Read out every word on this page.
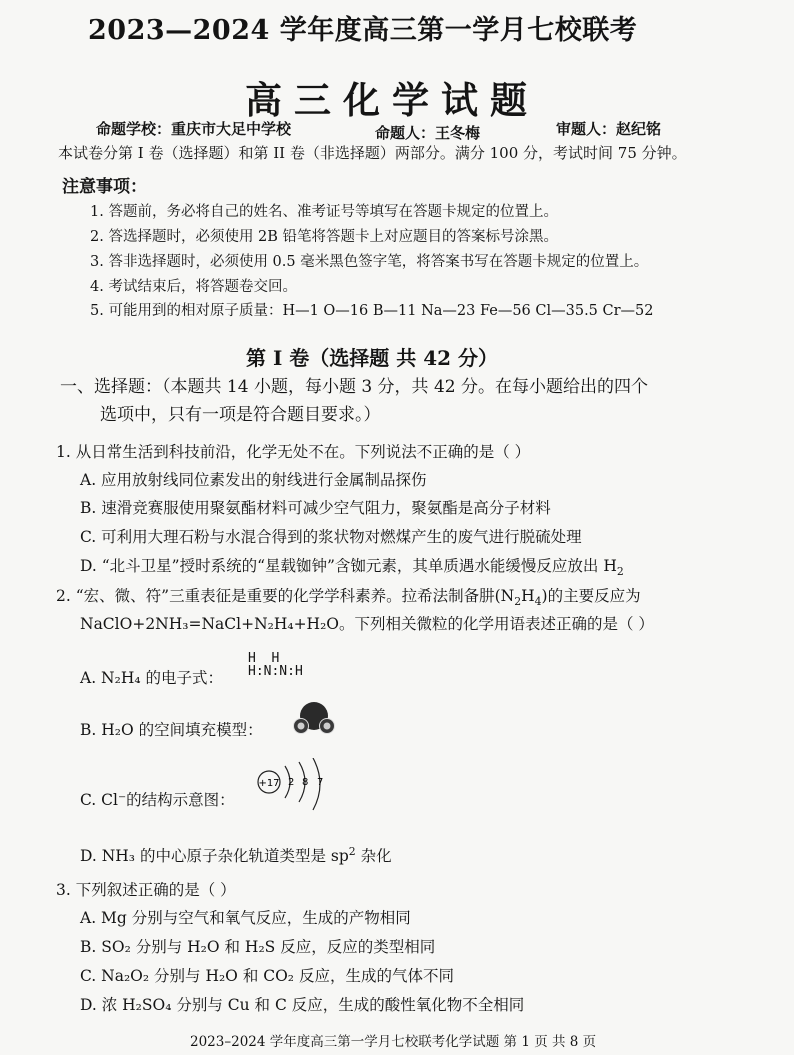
2023—2024 学年度高三第一学月七校联考
高三化学试题
命题学校：重庆市大足中学校	命题人：王冬梅	审题人：赵纪铭
本试卷分第 I 卷（选择题）和第 II 卷（非选择题）两部分。满分 100 分，考试时间 75 分钟。
注意事项：
1. 答题前，务必将自己的姓名、准考证号等填写在答题卡规定的位置上。
2. 答选择题时，必须使用 2B 铅笔将答题卡上对应题目的答案标号涂黑。
3. 答非选择题时，必须使用 0.5 毫米黑色签字笔，将答案书写在答题卡规定的位置上。
4. 考试结束后，将答题卷交回。
5. 可能用到的相对原子质量：H—1 O—16 B—11 Na—23 Fe—56 Cl—35.5 Cr—52
第 I 卷（选择题 共 42 分）
一、选择题：（本题共 14 小题，每小题 3 分，共 42 分。在每小题给出的四个
选项中，只有一项是符合题目要求。）
1. 从日常生活到科技前沿，化学无处不在。下列说法不正确的是（ ）
A. 应用放射线同位素发出的射线进行金属制品探伤
B. 速滑竞赛服使用聚氨酯材料可减少空气阻力，聚氨酯是高分子材料
C. 可利用大理石粉与水混合得到的浆状物对燃煤产生的废气进行脱硫处理
D. “北斗卫星”授时系统的“星载铷钟”含铷元素，其单质遇水能缓慢反应放出 $H_2$
2. “宏、微、符”三重表征是重要的化学学科素养。拉希法制备肼$(N_2H_4)$的主要反应为
NaClO+2NH₃=NaCl+N₂H₄+H₂O。下列相关微粒的化学用语表述正确的是（ ）
A. N₂H₄ 的电子式：
H  H
H:N:N:H
B. H₂O 的空间填充模型：
C. Cl⁻的结构示意图：
+17 2 8 7
D. NH₃ 的中心原子杂化轨道类型是 $sp^2$ 杂化
3. 下列叙述正确的是（ ）
A. Mg 分别与空气和氧气反应，生成的产物相同
B. SO₂ 分别与 H₂O 和 H₂S 反应，反应的类型相同
C. Na₂O₂ 分别与 H₂O 和 CO₂ 反应，生成的气体不同
D. 浓 H₂SO₄ 分别与 Cu 和 C 反应，生成的酸性氧化物不全相同
2023–2024 学年度高三第一学月七校联考化学试题 第 1 页 共 8 页
